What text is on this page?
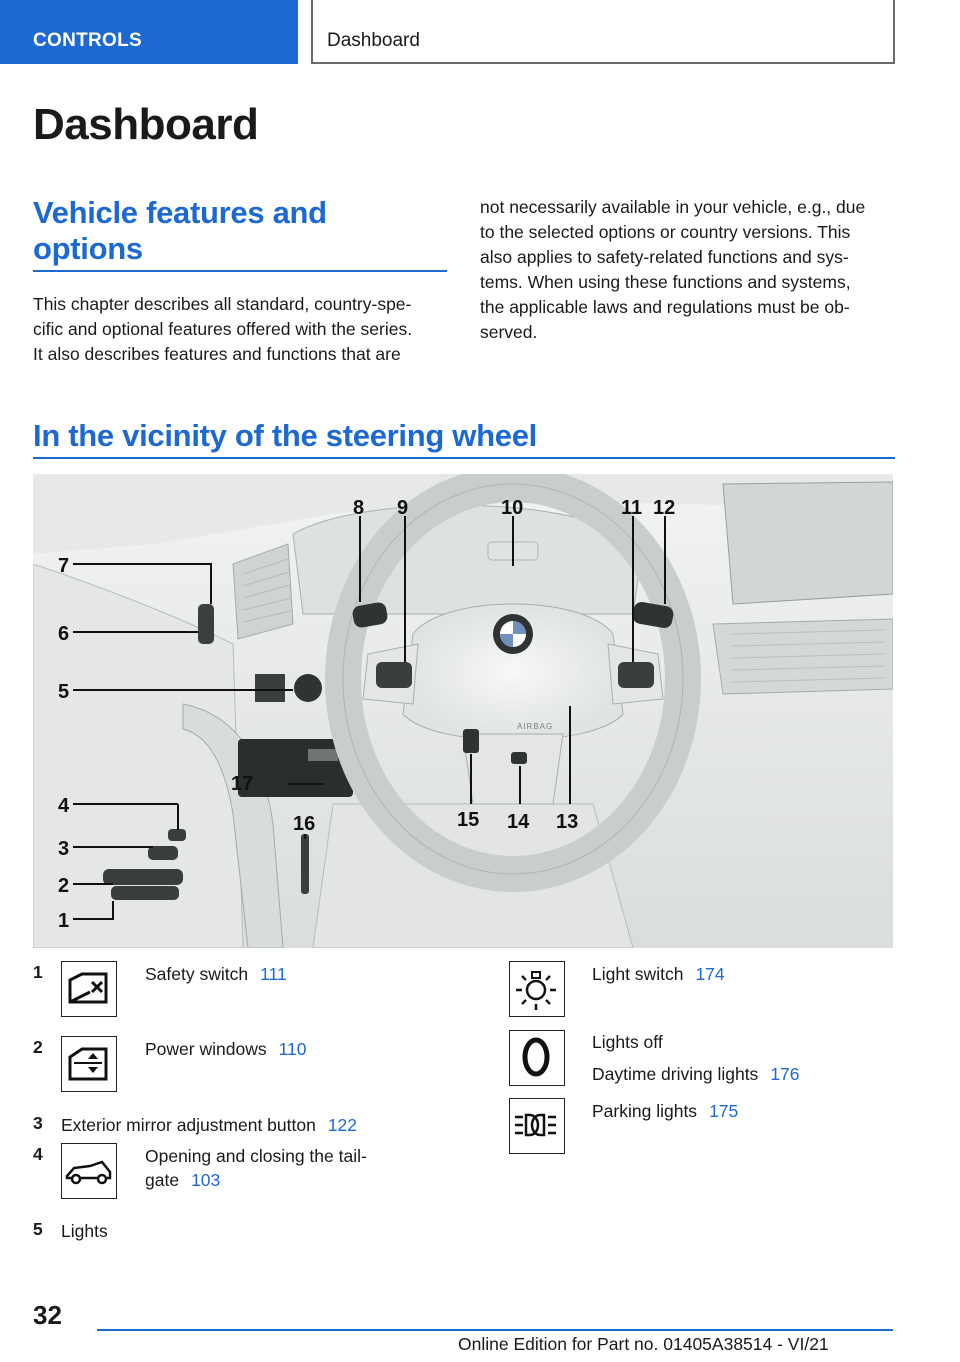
CONTROLS	Dashboard
Dashboard
Vehicle features and
options
This chapter describes all standard, country-spe-
cific and optional features offered with the series.
It also describes features and functions that are
not necessarily available in your vehicle, e.g., due
to the selected options or country versions. This
also applies to safety-related functions and sys-
tems. When using these functions and systems,
the applicable laws and regulations must be ob-
served.
In the vicinity of the steering wheel
AIRBAG
7
6
5
4
3
2
1
8 9	10	11 12
13
14
15
16
17
1	Safety switch 111
2	Power windows 110
3 Exterior mirror adjustment button 122
4	Opening and closing the tail-
gate 103
5 Lights
Light switch 174
Lights off
Daytime driving lights 176
Parking lights 175
32
Online Edition for Part no. 01405A38514 - VI/21
